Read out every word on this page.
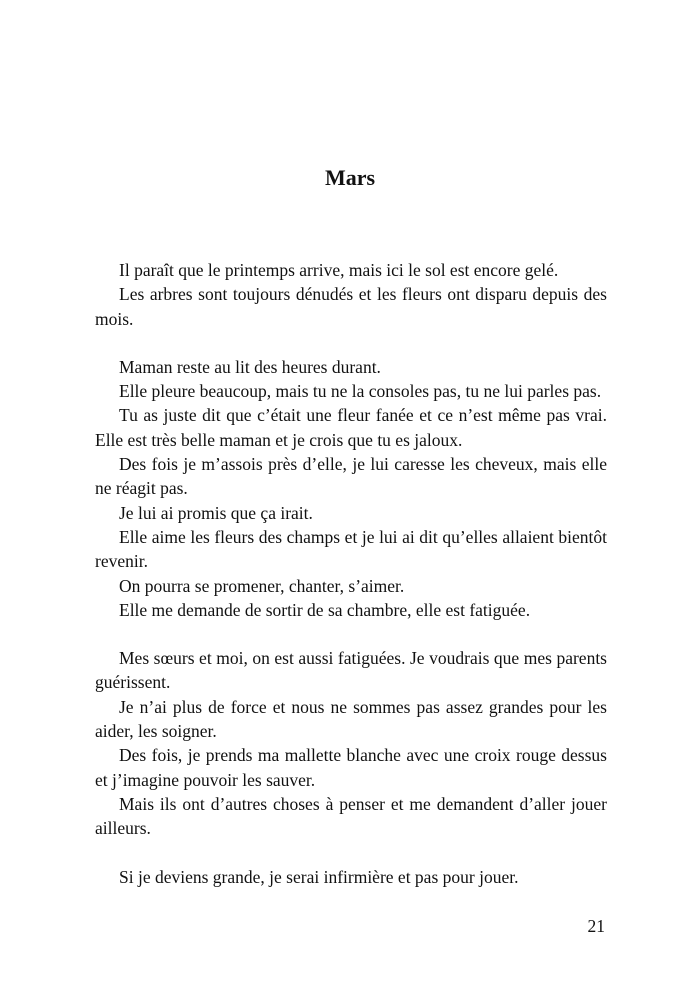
Mars

Il paraît que le printemps arrive, mais ici le sol est encore gelé.

Les arbres sont toujours dénudés et les fleurs ont disparu depuis des mois.

Maman reste au lit des heures durant.

Elle pleure beaucoup, mais tu ne la consoles pas, tu ne lui parles pas.

Tu as juste dit que c’était une fleur fanée et ce n’est même pas vrai. Elle est très belle maman et je crois que tu es jaloux.

Des fois je m’assois près d’elle, je lui caresse les cheveux, mais elle ne réagit pas.

Je lui ai promis que ça irait.

Elle aime les fleurs des champs et je lui ai dit qu’elles allaient bientôt revenir.

On pourra se promener, chanter, s’aimer.

Elle me demande de sortir de sa chambre, elle est fatiguée.

Mes sœurs et moi, on est aussi fatiguées. Je voudrais que mes parents guérissent.

Je n’ai plus de force et nous ne sommes pas assez grandes pour les aider, les soigner.

Des fois, je prends ma mallette blanche avec une croix rouge dessus et j’imagine pouvoir les sauver.

Mais ils ont d’autres choses à penser et me demandent d’aller jouer ailleurs.

Si je deviens grande, je serai infirmière et pas pour jouer.

21
